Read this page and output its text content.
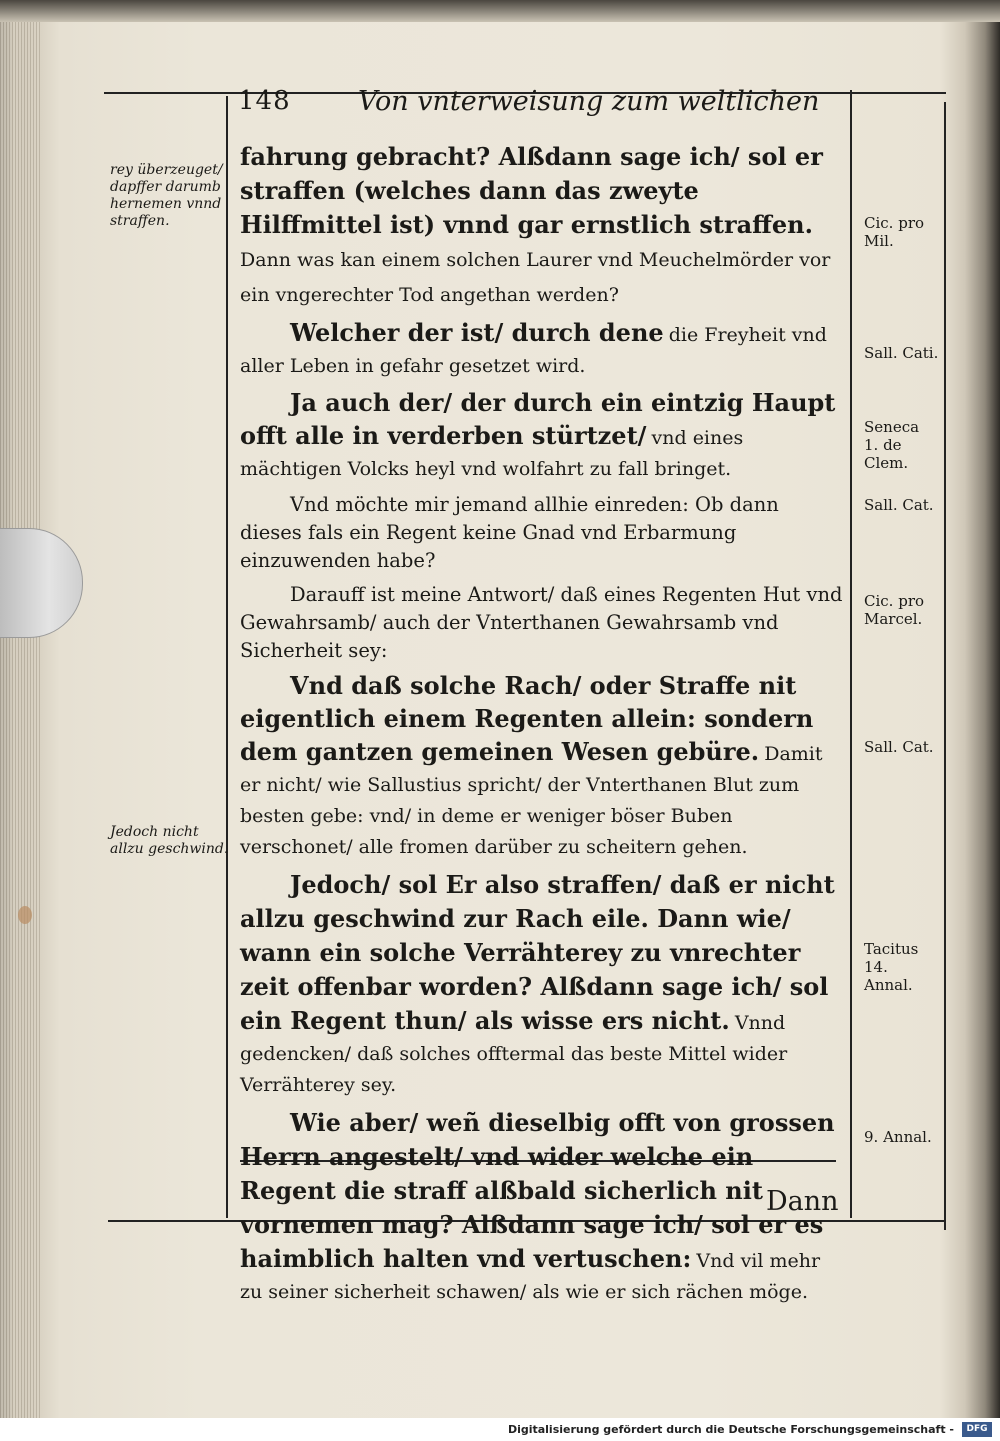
148 Von vnterweisung zum weltlichen
rey überzeuget/
dapffer darumb
hernemen vnnd
straffen.
Jedoch nicht
allzu geschwind.
Cic. pro Mil.
Sall. Cati.
Seneca 1. de Clem.
Sall. Cat.
Cic. pro Marcel.
Sall. Cat.
Tacitus 14. Annal.
9. Annal.

fahrung gebracht? Alßdann sage ich/ sol er straffen (welches dann das zweyte Hilffmittel ist) vnnd gar ernstlich straffen. Dann was kan einem solchen Laurer vnd Meuchelmörder vor ein vngerechter Tod angethan werden?

Welcher der ist/ durch dene die Freyheit vnd aller Leben in gefahr gesetzet wird.

Ja auch der/ der durch ein eintzig Haupt offt alle in verderben stürtzet/ vnd eines mächtigen Volcks heyl vnd wolfahrt zu fall bringet.

Vnd möchte mir jemand allhie einreden: Ob dann dieses fals ein Regent keine Gnad vnd Erbarmung einzuwenden habe?

Darauff ist meine Antwort/ daß eines Regenten Hut vnd Gewahrsamb/ auch der Vnterthanen Gewahrsamb vnd Sicherheit sey:

Vnd daß solche Rach/ oder Straffe nit eigentlich einem Regenten allein: sondern dem gantzen gemeinen Wesen gebüre. Damit er nicht/ wie Sallustius spricht/ der Vnterthanen Blut zum besten gebe: vnd/ in deme er weniger böser Buben verschonet/ alle fromen darüber zu scheitern gehen.

Jedoch/ sol Er also straffen/ daß er nicht allzu geschwind zur Rach eile. Dann wie/ wann ein solche Verrähterey zu vnrechter zeit offenbar worden? Alßdann sage ich/ sol ein Regent thun/ als wisse ers nicht. Vnnd gedencken/ daß solches offtermal das beste Mittel wider Verrähterey sey.

Wie aber/ weñ dieselbig offt von grossen Herrn angestelt/ vnd wider welche ein Regent die straff alßbald sicherlich nit vornemen mag? Alßdann sage ich/ sol er es haimblich halten vnd vertuschen: Vnd vil mehr zu seiner sicherheit schawen/ als wie er sich rächen möge.

Dann
Digitalisierung gefördert durch die Deutsche Forschungsgemeinschaft -	DFG
